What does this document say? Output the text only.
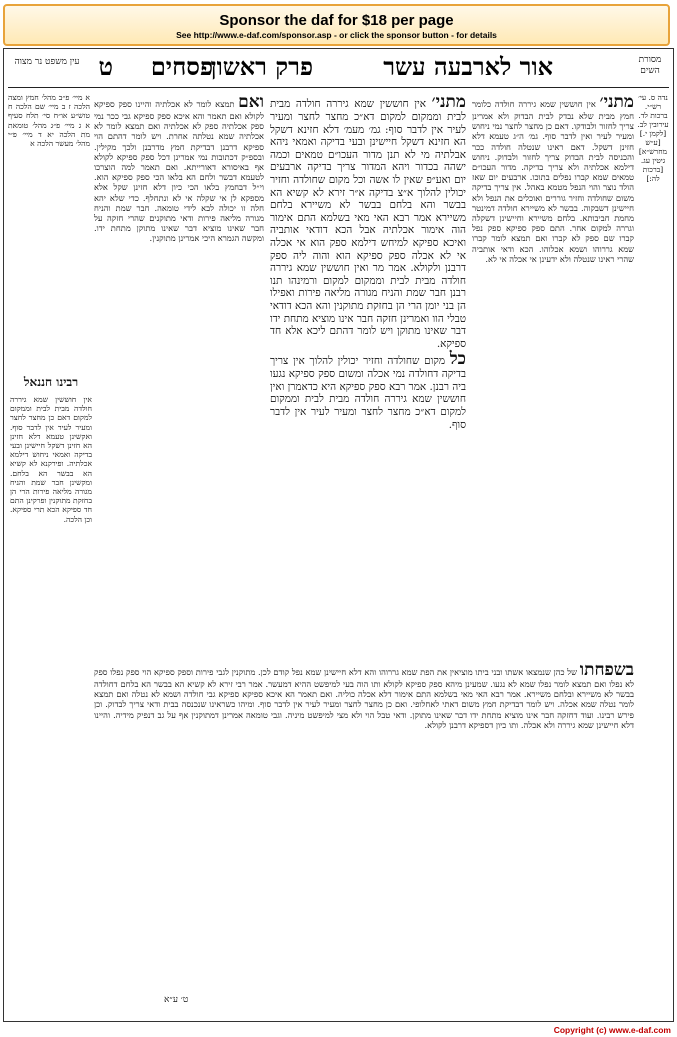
Sponsor the daf for $18 per page
See http://www.e-daf.com/sponsor.asp - or click the sponsor button - for details
מסורת השים
אור לארבעה עשר
פרק ראשון
פסחים
ט
עין משפט נר מצוה
נדה ס. עי׳ רש״י. ברכות לד. עירובין לב. [לקמן י.] [ע״ש מחרש״א] גיטין עג. [ברכות לה:]
מתני׳ אין חוששין שמא גיררה חולדה כלומר חמץ מבית שלא נבדק לבית הבדוק ולא אמרינן צריך לחזור ולבודקו. דאם כן מחצר לחצר נמי ניחוש ומעיר לעיר ואין לדבר סוף. גמ׳ ה״ג טעמא דלא חזינן דשקל. דאם ראינו שנטלה חולדה ככר והכניסה לבית הבדוק צריך לחזור ולבדוק. ניחוש דילמא אכלתיה ולא צריך בדיקה. מדור העכו״ם טמאים שמא קברו נפלים בתוכו. ארבעים יום שאז הולד נוצר והוי הנפל מטמא באהל. אין צריך בדיקה משום שחולדה וחזיר גוררים ואוכלים את הנפל ולא חיישינן דשבקוה. בבשר לא משיירא חולדה דמינטר מחמת חביבותא. בלחם משיירא וחיישינן דשקלה וגררה למקום אחר. התם ספק ספיקא ספק נפל קברו שם ספק לא קברו ואם תמצא לומר קברו שמא גררוהו ושמא אכלוהו. הכא ודאי אותביה שהרי ראינו שנטלה ולא ידעינן אי אכלה אי לא.
מתני׳ אין חוששין שמא גיררה חולדה מבית לבית וממקום למקום דא״כ מחצר לחצר ומעיר לעיר אין לדבר סוף: גמ׳ מעמ׳ דלא חזינא דשקל הא חזינא דשקל חיישינן ובעי בדיקה ואמאי ניהא אבלתיה מי לא תנן מדור העכו״ם טמאים וכמה ישהה בכדור ויהא המדור צריך בדיקה ארבעים יום ואע״פ שאין לו אשה וכל מקום שחולדה וחזיר יכולין להלוך א״צ בדיקה א״ר זירא לא קשיא הא בבשר והא בלחם בבשר לא משיירא בלחם משיירא אמר רבא האי מאי בשלמא התם אימור הוה אימור אכלתיה אבל הכא דודאי אותביה ואיכא ספיקא למיחש דילמא ספק הוא אי אכלה אי לא אכלה ספק ספיקא הוא והוה ליה ספק דרבנן ולקולא. אמר מר ואין חוששין שמא גיררה חולדה מבית לבית וממקום למקום ורמינהו תנו רבנן חבר שמת והניח מגורה מליאה פירות ואפילו הן בני יומן הרי הן בחזקת מתוקנין והא הכא דודאי טבלי הוו ואמרינן חזקה חבר אינו מוציא מתחת ידו דבר שאינו מתוקן ויש לומר דהתם ליכא אלא חד ספיקא.
כל מקום שחולדה וחזיר יכולין להלוך אין צריך בדיקה דחולדה נמי אכלה ומשום ספק ספיקא נגעו ביה רבנן. אמר רבא ספק ספיקא היא כדאמרן ואין חוששין שמא גיררה חולדה מבית לבית וממקום למקום דא״כ מחצר לחצר ומעיר לעיר אין לדבר סוף.
ואם תמצא לומר לא אכלתיה והיינו ספק ספיקא לקולא ואם תאמר והא איכא ספק ספיקא גבי ככר נמי ספק אכלתיה ספק לא אכלתיה ואם תמצא לומר לא אכלתיה שמא נטלתה אחרת. ויש לומר דהתם הוי ספיקא דרבנן דבדיקת חמץ מדרבנן ולכך מקילין. ובספ״ק דכתובות נמי אמרינן דכל ספק ספיקא לקולא אף באיסורא דאורייתא. ואם תאמר למה הוצרכו לטעמא דבשר ולחם הא בלאו הכי ספק ספיקא הוא. וי״ל דבחמץ בלאו הכי כיון דלא חזינן שקל אלא מספקא לן אי שקלה אי לא ונתחלף. כדי שלא יהא חלה זו יכולה לבא לידי טומאה. חבר שמת והניח מגורה מליאה פירות ודאי מתוקנים שהרי חזקה על חבר שאינו מוציא דבר שאינו מתוקן מתחת ידו. ומקשה הגמרא היכי אמרינן מתוקנין.
א מיי׳ פ״ב מהל׳ חמץ ומצה הלכה ז ב מיי׳ שם הלכה ח טוש״ע או״ח סי׳ תלח סעיף א ג מיי׳ פ״ג מהל׳ טומאת מת הלכה יא ד מיי׳ פ״י מהל׳ מעשר הלכה א
רבינו חננאל
אין חוששין שמא גיררה חולדה מבית לבית וממקום למקום דאם כן מחצר לחצר ומעיר לעיר אין לדבר סוף. ואקשינן טעמא דלא חזינן הא חזינן דשקל חיישינן ובעי בדיקה ואמאי ניחוש דילמא אכלתיה. ופירקנא לא קשיא הא בבשר הא בלחם. ומקשינן חבר שמת והניח מגורה מליאה פירות הרי הן בחזקת מתוקנין ופרקינן התם חד ספיקא הכא תרי ספיקא. וכן הלכה.
בשפחתו של כהן שנמצאו אשתו ובני ביתו מוציאין את הפת שמא גררוהו והא דלא חיישינן שמא נפל קודם לכן. מתוקנין לגבי פירות וספק ספיקא הוי ספק נפלו ספק לא נפלו ואם תמצא לומר נפלו שמא לא נגעו. שמעינן מיהא ספק ספיקא לקולא ותו הוה בעי למיפשט ההיא דמעשר. אמר רבי זירא לא קשיא הא בבשר הא בלחם דחולדה בבשר לא משיירא ובלחם משיירא. אמר רבא האי מאי בשלמא התם אימור דלא אכלה כוליה. ואם תאמר הא איכא ספיקא ספיקא גבי חולדה ושמא לא נטלה ואם תמצא לומר נטלה שמא אכלה. ויש לומר דבדיקת חמץ משום דאתי לאחלופי. ואם כן מחצר לחצר ומעיר לעיר אין לדבר סוף. ומיהו כשראינו שנכנסה בבית ודאי צריך לבדוק. וכן פירש רבינו. ועוד דחזקה חבר אינו מוציא מתחת ידו דבר שאינו מתוקן. ודאי טבל הוי ולא מצי למיפשט מיניה. וגבי טומאה אמרינן דמתוקנין אף על גב דנפיק מידיה. והיינו דלא חיישינן שמא גיררה ולא אכלה. ותו כיון דספיקא דרבנן לקולא.
ט׳ ע״א
Copyright (c) www.e-daf.com
